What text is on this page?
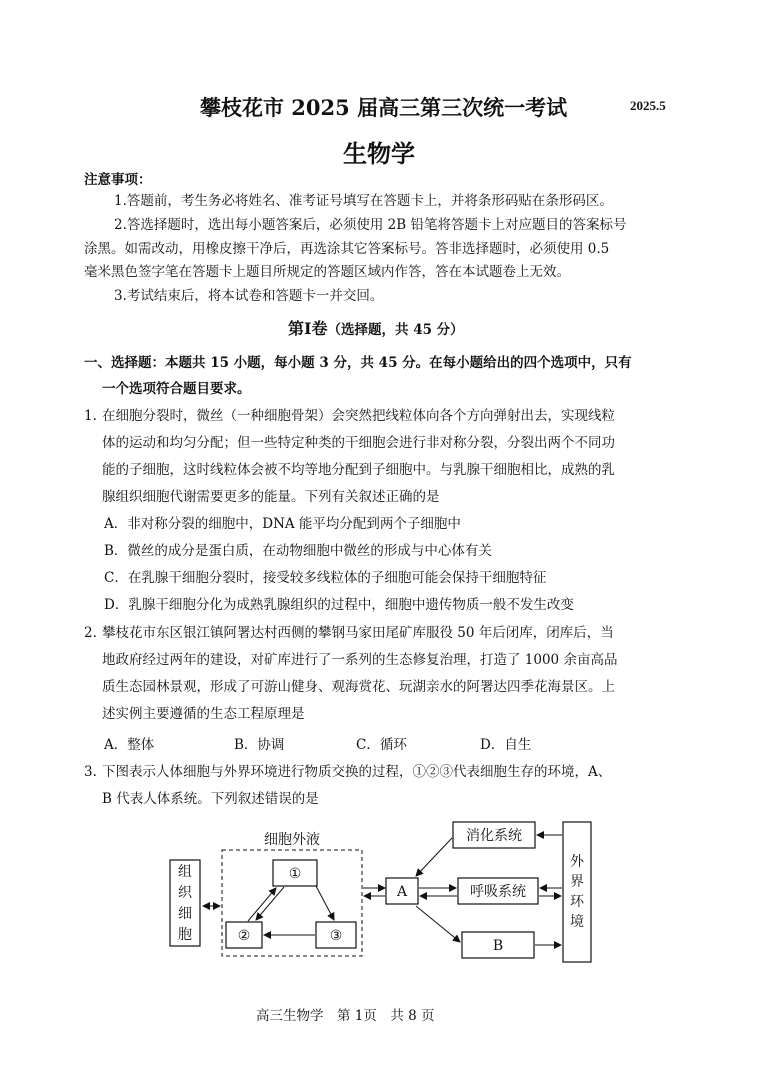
攀枝花市 2025 届高三第三次统一考试	2025.5
生物学
注意事项：
1.答题前，考生务必将姓名、准考证号填写在答题卡上，并将条形码贴在条形码区。
2.答选择题时，选出每小题答案后，必须使用 2B 铅笔将答题卡上对应题目的答案标号
涂黑。如需改动，用橡皮擦干净后，再选涂其它答案标号。答非选择题时，必须使用 0.5
毫米黑色签字笔在答题卡上题目所规定的答题区域内作答，答在本试题卷上无效。
3.考试结束后，将本试卷和答题卡一并交回。
第Ⅰ卷（选择题，共 45 分）
一、选择题：本题共 15 小题，每小题 3 分，共 45 分。在每小题给出的四个选项中，只有
一个选项符合题目要求。
1. 在细胞分裂时，微丝（一种细胞骨架）会突然把线粒体向各个方向弹射出去，实现线粒
体的运动和均匀分配；但一些特定种类的干细胞会进行非对称分裂，分裂出两个不同功
能的子细胞，这时线粒体会被不均等地分配到子细胞中。与乳腺干细胞相比，成熟的乳
腺组织细胞代谢需要更多的能量。下列有关叙述正确的是
A．非对称分裂的细胞中，DNA 能平均分配到两个子细胞中
B．微丝的成分是蛋白质，在动物细胞中微丝的形成与中心体有关
C．在乳腺干细胞分裂时，接受较多线粒体的子细胞可能会保持干细胞特征
D．乳腺干细胞分化为成熟乳腺组织的过程中，细胞中遗传物质一般不发生改变
2. 攀枝花市东区银江镇阿署达村西侧的攀钢马家田尾矿库服役 50 年后闭库，闭库后，当
地政府经过两年的建设，对矿库进行了一系列的生态修复治理，打造了 1000 余亩高品
质生态园林景观，形成了可游山健身、观海赏花、玩湖亲水的阿署达四季花海景区。上
述实例主要遵循的生态工程原理是
A．整体	B．协调	C．循环	D．自生
3. 下图表示人体细胞与外界环境进行物质交换的过程，①②③代表细胞生存的环境，A、
B 代表人体系统。下列叙述错误的是
组
织
细
胞
细胞外液
①
②	③
A
消化系统
呼吸系统
B
外
界
环
境
高三生物学　第 1页　共 8 页
